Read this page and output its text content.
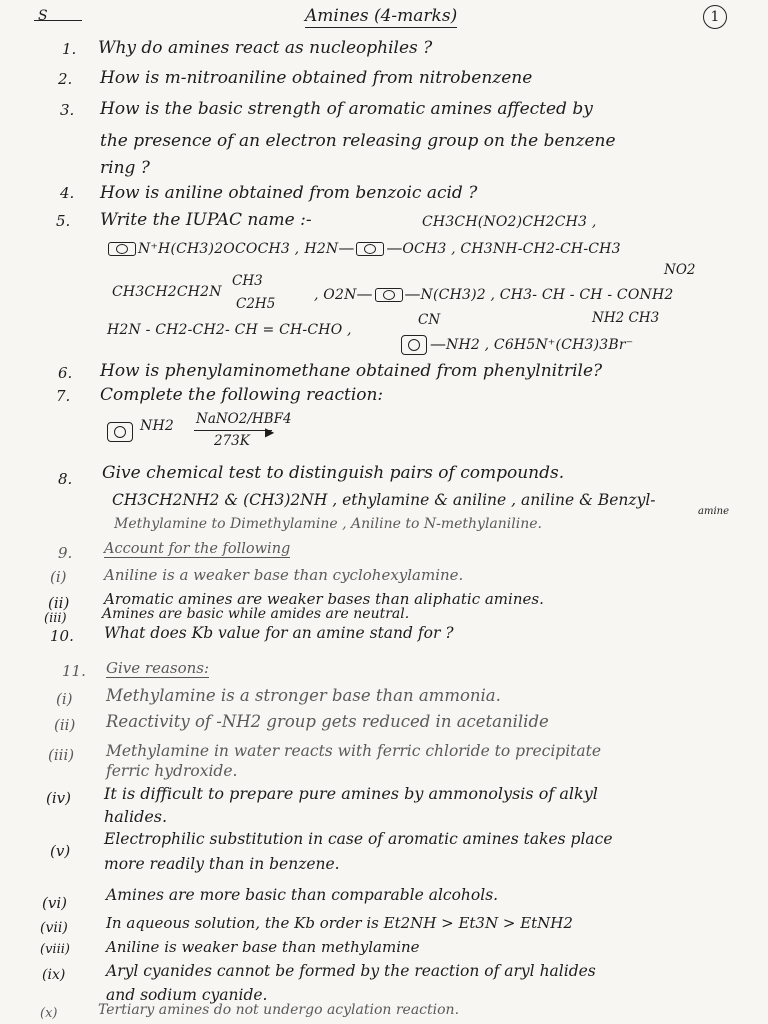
S	Amines (4-marks)	1
1. Why do amines react as nucleophiles ?
2. How is m-nitroaniline obtained from nitrobenzene
3. How is the basic strength of aromatic amines affected by
the presence of an electron releasing group on the benzene
ring ?
4. How is aniline obtained from benzoic acid ?
5. Write the IUPAC name :-	CH3CH(NO2)CH2CH3 ,
N⁺H(CH3)2OCOCH3 , H2N— —OCH3 , CH3NH-CH2-CH-CH3
NO2
CH3CH2CH2N
CH3
C2H5
, O2N— —N(CH3)2 , CH3- CH - CH - CONH2
NH2 CH3
H2N - CH2-CH2- CH = CH-CHO ,
CN
—NH2 , C6H5N⁺(CH3)3Br⁻
6. How is phenylaminomethane obtained from phenylnitrile?
7. Complete the following reaction:
NH2 NaNO2/HBF4
▶
273K
8. Give chemical test to distinguish pairs of compounds.
CH3CH2NH2 & (CH3)2NH , ethylamine & aniline , aniline & Benzyl-
amine
Methylamine to Dimethylamine , Aniline to N-methylaniline.
9. Account for the following
(i) Aniline is a weaker base than cyclohexylamine.
(ii) Aromatic amines are weaker bases than aliphatic amines.
(iii)	Amines are basic while amides are neutral.
10. What does Kb value for an amine stand for ?
11. Give reasons:
(i) Methylamine is a stronger base than ammonia.
(ii) Reactivity of -NH2 group gets reduced in acetanilide
(iii) Methylamine in water reacts with ferric chloride to precipitate
ferric hydroxide.
(iv) It is difficult to prepare pure amines by ammonolysis of alkyl
halides.
(v)
Electrophilic substitution in case of aromatic amines takes place
more readily than in benzene.
(vi)	Amines are more basic than comparable alcohols.
(vii)	In aqueous solution, the Kb order is Et2NH > Et3N > EtNH2
(viii) Aniline is weaker base than methylamine
(ix)	Aryl cyanides cannot be formed by the reaction of aryl halides
and sodium cyanide.
(x)	Tertiary amines do not undergo acylation reaction.
